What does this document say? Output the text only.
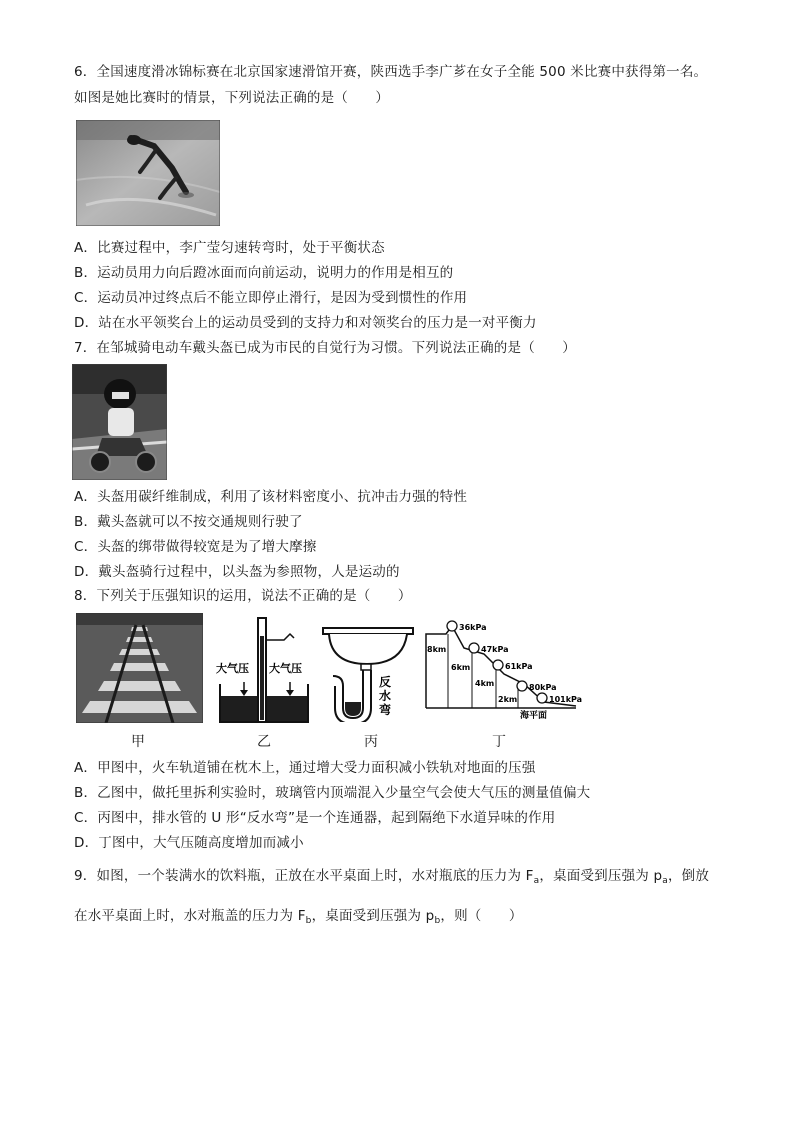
6．全国速度滑冰锦标赛在北京国家速滑馆开赛，陕西选手李广芗在女子全能 500 米比赛中获得第一名。
如图是她比赛时的情景，下列说法正确的是（　　）
A．比赛过程中，李广莹匀速转弯时，处于平衡状态
B．运动员用力向后蹬冰面而向前运动，说明力的作用是相互的
C．运动员冲过终点后不能立即停止滑行，是因为受到惯性的作用
D．站在水平领奖台上的运动员受到的支持力和对领奖台的压力是一对平衡力
7．在邹城骑电动车戴头盔已成为市民的自觉行为习惯。下列说法正确的是（　　）
A．头盔用碳纤维制成，利用了该材料密度小、抗冲击力强的特性
B．戴头盔就可以不按交通规则行驶了
C．头盔的绑带做得较宽是为了增大摩擦
D．戴头盔骑行过程中，以头盔为参照物，人是运动的
8．下列关于压强知识的运用，说法不正确的是（　　）
大气压 大气压
反
水
弯
8km
6km
4km
2km
36kPa
47kPa
61kPa
80kPa
101kPa
海平面
甲	乙	丙	丁
A．甲图中，火车轨道铺在枕木上，通过增大受力面积减小铁轨对地面的压强
B．乙图中，做托里拆利实验时，玻璃管内顶端混入少量空气会使大气压的测量值偏大
C．丙图中，排水管的 U 形“反水弯”是一个连通器，起到隔绝下水道异味的作用
D．丁图中，大气压随高度增加而减小
9．如图，一个装满水的饮料瓶，正放在水平桌面上时，水对瓶底的压力为 $F_a$，桌面受到压强为 $p_a$，倒放
在水平桌面上时，水对瓶盖的压力为 $F_b$，桌面受到压强为 $p_b$，则（　　）
